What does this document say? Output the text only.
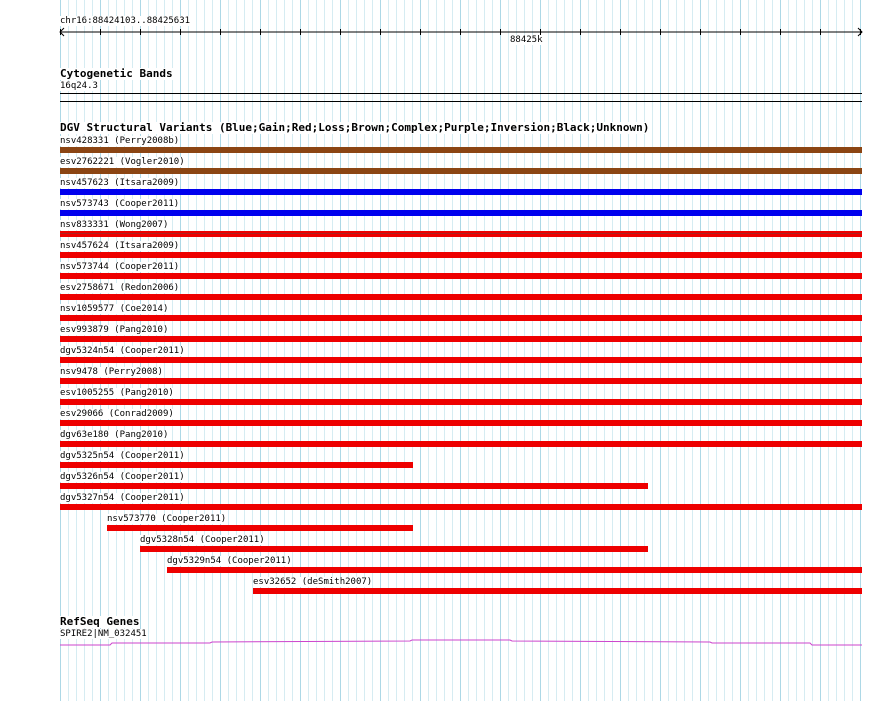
chr16:88424103..88425631
88425k
Cytogenetic Bands
16q24.3
DGV Structural Variants (Blue;Gain;Red;Loss;Brown;Complex;Purple;Inversion;Black;Unknown)
nsv428331 (Perry2008b)
esv2762221 (Vogler2010)
nsv457623 (Itsara2009)
nsv573743 (Cooper2011)
nsv833331 (Wong2007)
nsv457624 (Itsara2009)
nsv573744 (Cooper2011)
esv2758671 (Redon2006)
nsv1059577 (Coe2014)
esv993879 (Pang2010)
dgv5324n54 (Cooper2011)
nsv9478 (Perry2008)
esv1005255 (Pang2010)
esv29066 (Conrad2009)
dgv63e180 (Pang2010)
dgv5325n54 (Cooper2011)
dgv5326n54 (Cooper2011)
dgv5327n54 (Cooper2011)
nsv573770 (Cooper2011)
dgv5328n54 (Cooper2011)
dgv5329n54 (Cooper2011)
esv32652 (deSmith2007)
RefSeq Genes
SPIRE2|NM_032451
